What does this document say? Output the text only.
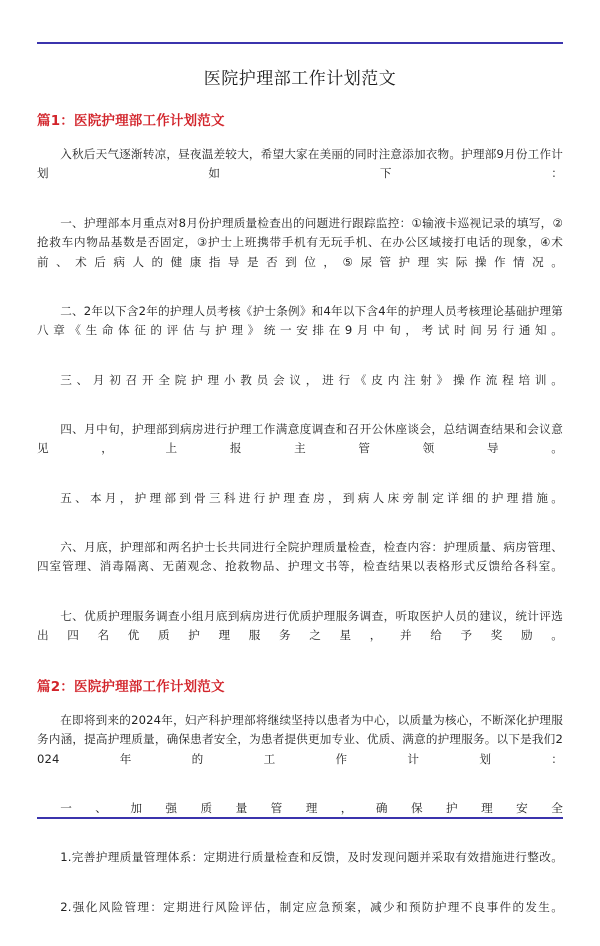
医院护理部工作计划范文
篇1：医院护理部工作计划范文

入秋后天气逐渐转凉，昼夜温差较大，希望大家在美丽的同时注意添加衣物。护理部9月份工作计划如下：

一、护理部本月重点对8月份护理质量检查出的问题进行跟踪监控：①输液卡巡视记录的填写，②抢救车内物品基数是否固定，③护士上班携带手机有无玩手机、在办公区域接打电话的现象，④术前、术后病人的健康指导是否到位，⑤尿管护理实际操作情况。

二、2年以下含2年的护理人员考核《护士条例》和4年以下含4年的护理人员考核理论基础护理第八章《生命体征的评估与护理》统一安排在9月中旬，考试时间另行通知。

三、月初召开全院护理小教员会议，进行《皮内注射》操作流程培训。

四、月中旬，护理部到病房进行护理工作满意度调查和召开公休座谈会，总结调查结果和会议意见，上报主管领导。

五、本月，护理部到骨三科进行护理查房，到病人床旁制定详细的护理措施。

六、月底，护理部和两名护士长共同进行全院护理质量检查，检查内容：护理质量、病房管理、四室管理、消毒隔离、无菌观念、抢救物品、护理文书等，检查结果以表格形式反馈给各科室。

七、优质护理服务调查小组月底到病房进行优质护理服务调查，听取医护人员的建议，统计评选出四名优质护理服务之星，并给予奖励。

篇2：医院护理部工作计划范文

在即将到来的2024年，妇产科护理部将继续坚持以患者为中心，以质量为核心，不断深化护理服务内涵，提高护理质量，确保患者安全，为患者提供更加专业、优质、满意的护理服务。以下是我们2024年的工作计划：

一、加强质量管理，确保护理安全

1.完善护理质量管理体系：定期进行质量检查和反馈，及时发现问题并采取有效措施进行整改。

2.强化风险管理：定期进行风险评估，制定应急预案，减少和预防护理不良事件的发生。
